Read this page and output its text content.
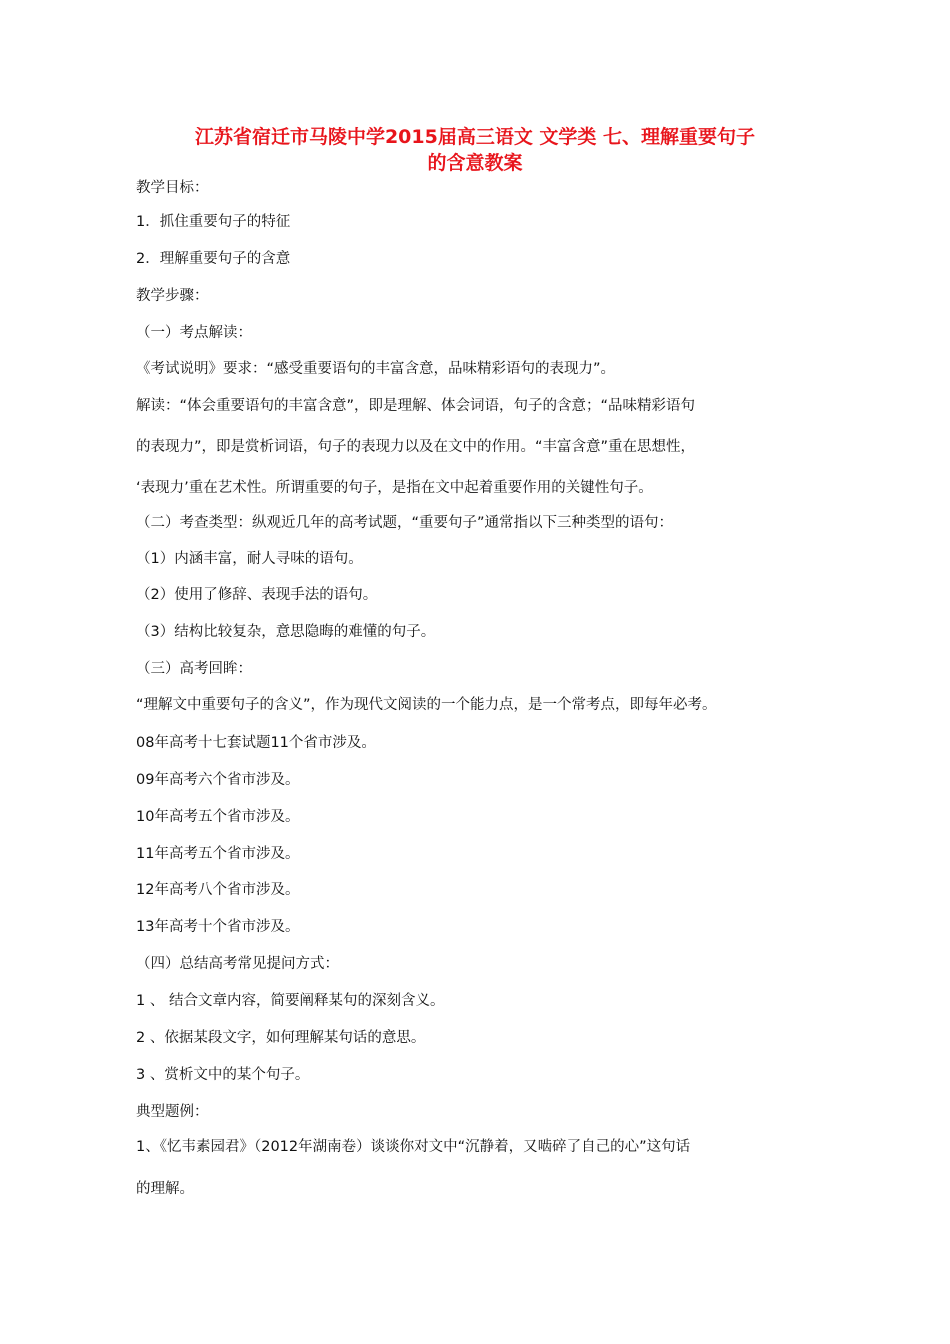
江苏省宿迁市马陵中学2015届高三语文 文学类 七、理解重要句子
的含意教案
教学目标：
1．抓住重要句子的特征
2．理解重要句子的含意
教学步骤：
（一）考点解读：
《考试说明》要求：“感受重要语句的丰富含意，品味精彩语句的表现力”。
解读：“体会重要语句的丰富含意”，即是理解、体会词语，句子的含意；“品味精彩语句
的表现力”，即是赏析词语，句子的表现力以及在文中的作用。“丰富含意”重在思想性，
‘表现力’重在艺术性。所谓重要的句子，是指在文中起着重要作用的关键性句子。
（二）考查类型：纵观近几年的高考试题，“重要句子”通常指以下三种类型的语句：
（1）内涵丰富，耐人寻味的语句。
（2）使用了修辞、表现手法的语句。
（3）结构比较复杂，意思隐晦的难懂的句子。
（三）高考回眸：
“理解文中重要句子的含义”，作为现代文阅读的一个能力点，是一个常考点，即每年必考。
08年高考十七套试题11个省市涉及。
09年高考六个省市涉及。
10年高考五个省市涉及。
11年高考五个省市涉及。
12年高考八个省市涉及。
13年高考十个省市涉及。
（四）总结高考常见提问方式：
1 、 结合文章内容，简要阐释某句的深刻含义。
2 、依据某段文字，如何理解某句话的意思。
3 、赏析文中的某个句子。
典型题例：
1、《忆韦素园君》（2012年湖南卷）谈谈你对文中“沉静着，又啮碎了自己的心”这句话
的理解。
